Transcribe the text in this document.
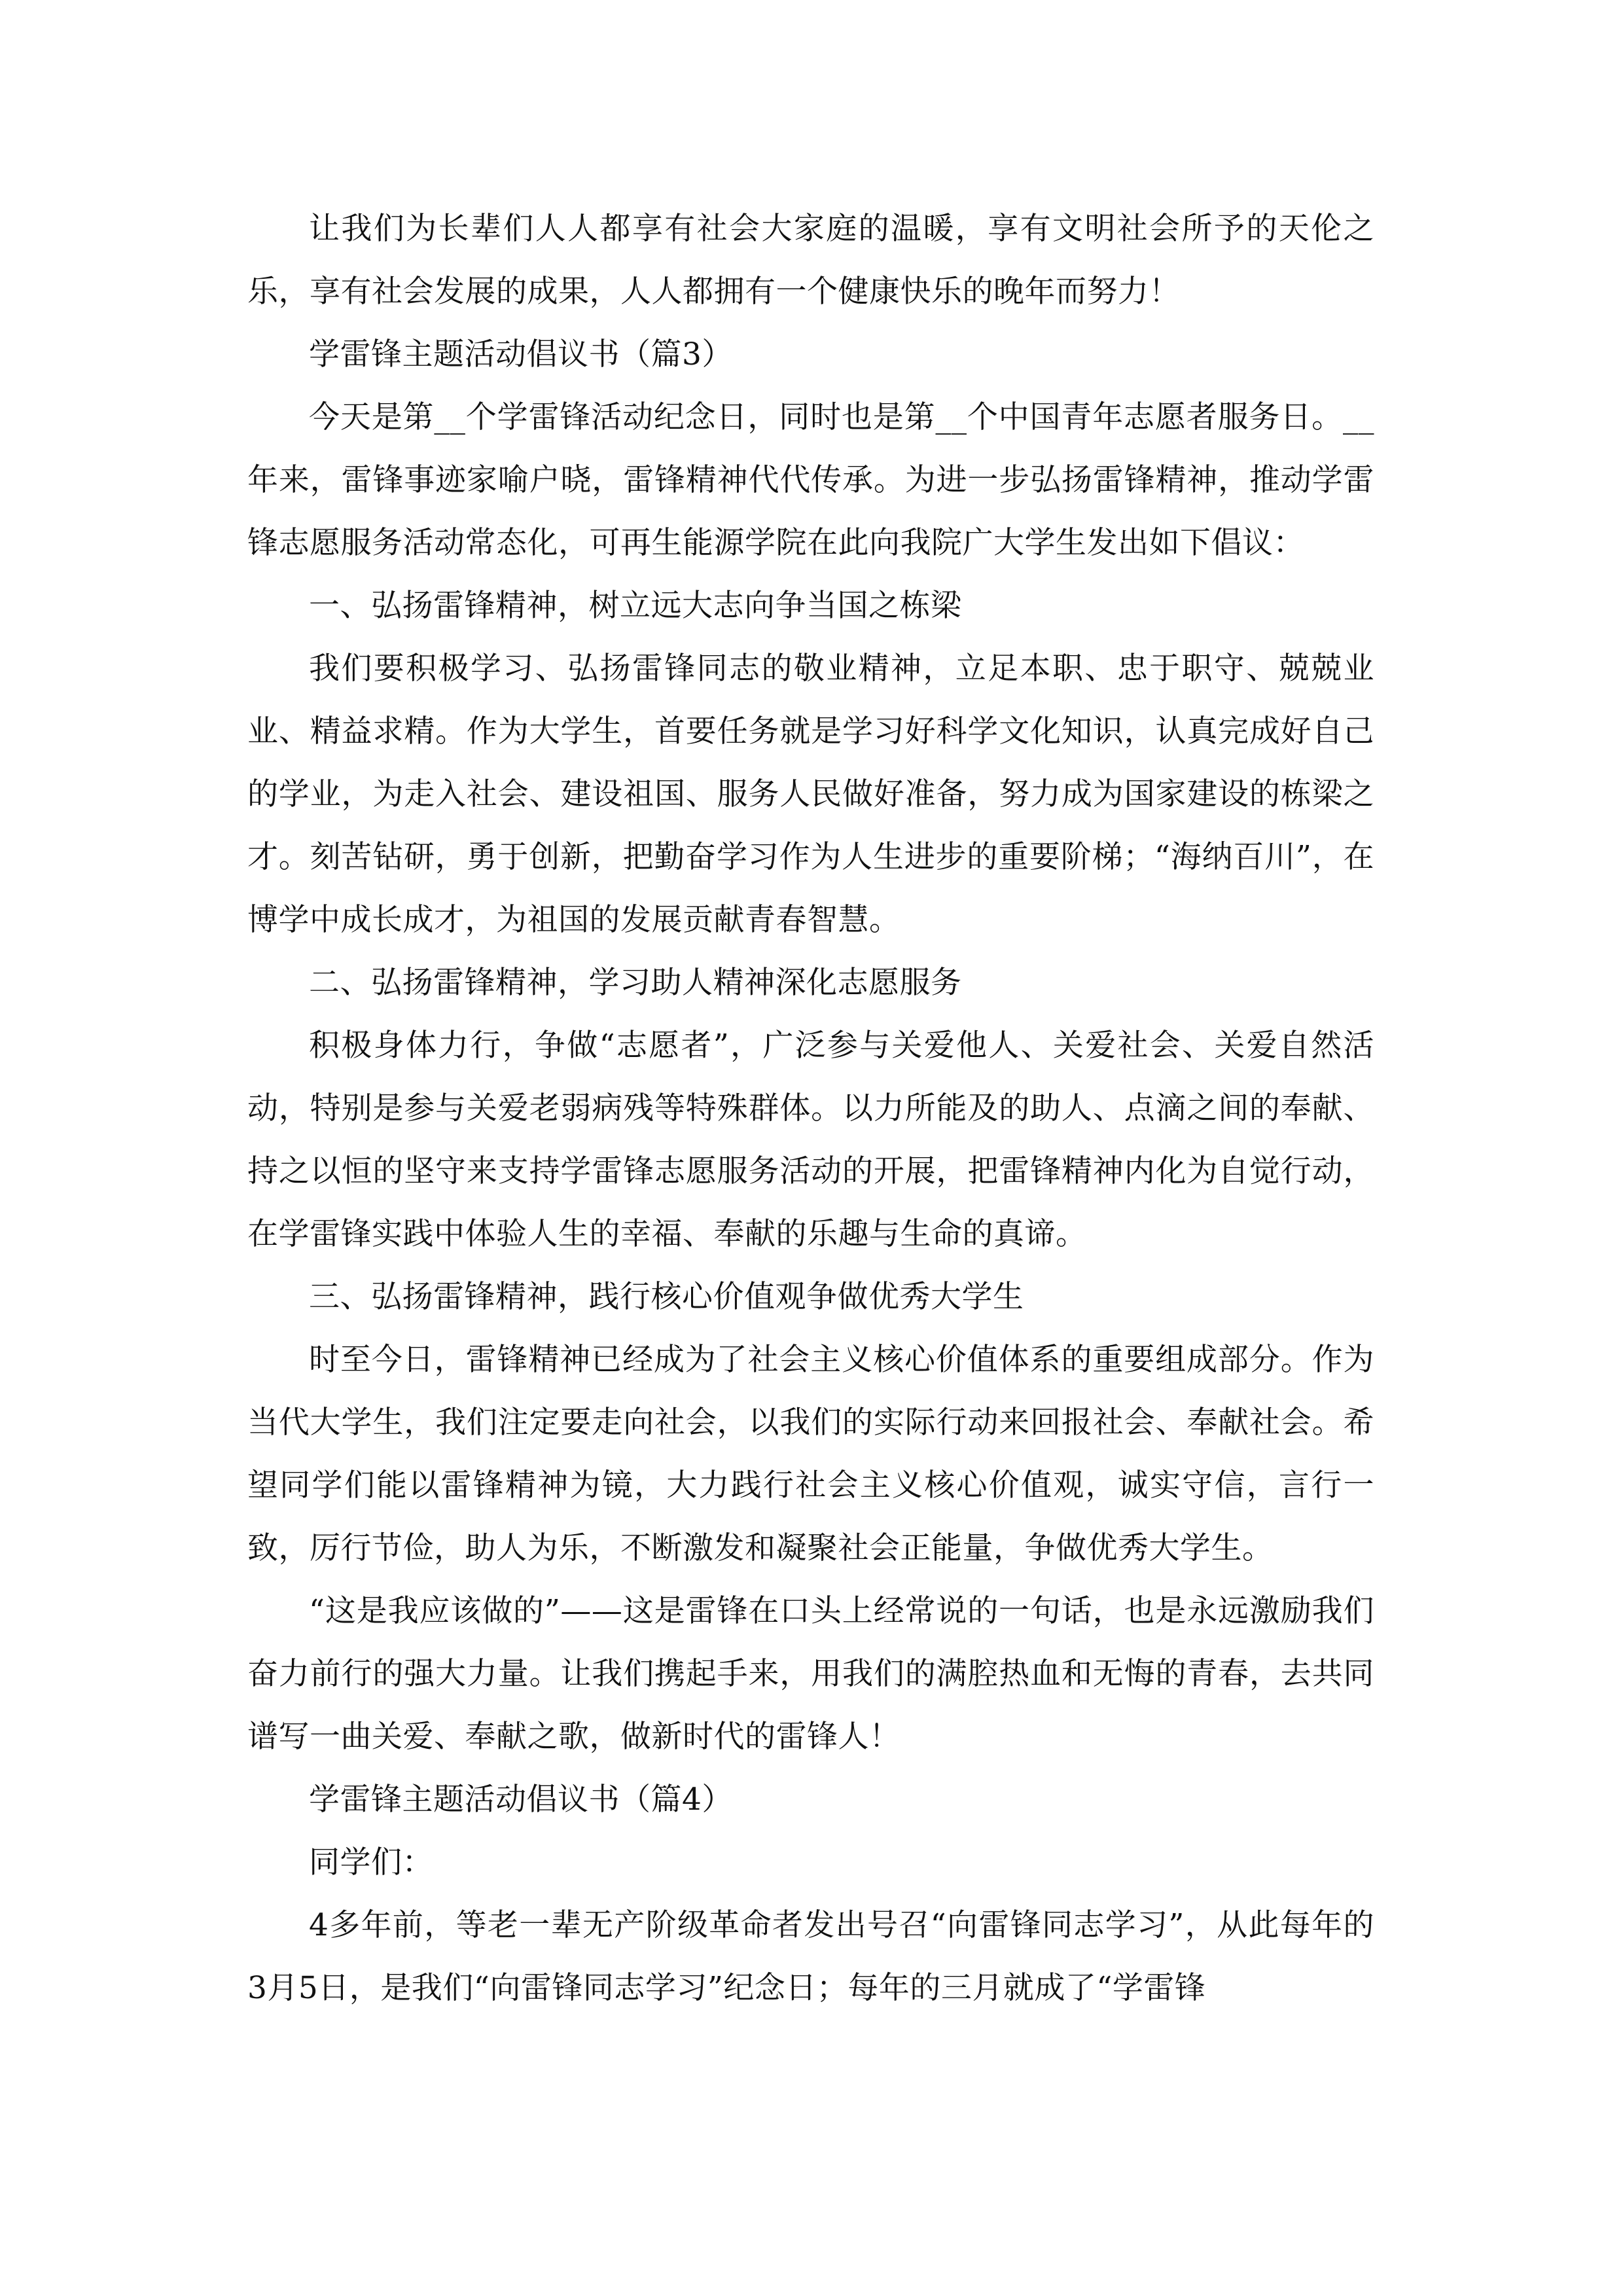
让我们为长辈们人人都享有社会大家庭的温暖，享有文明社会所予的天伦之乐，享有社会发展的成果，人人都拥有一个健康快乐的晚年而努力！

学雷锋主题活动倡议书（篇3）

今天是第__个学雷锋活动纪念日，同时也是第__个中国青年志愿者服务日。__年来，雷锋事迹家喻户晓，雷锋精神代代传承。为进一步弘扬雷锋精神，推动学雷锋志愿服务活动常态化，可再生能源学院在此向我院广大学生发出如下倡议：

一、弘扬雷锋精神，树立远大志向争当国之栋梁

我们要积极学习、弘扬雷锋同志的敬业精神，立足本职、忠于职守、兢兢业业、精益求精。作为大学生，首要任务就是学习好科学文化知识，认真完成好自己的学业，为走入社会、建设祖国、服务人民做好准备，努力成为国家建设的栋梁之才。刻苦钻研，勇于创新，把勤奋学习作为人生进步的重要阶梯；“海纳百川”，在博学中成长成才，为祖国的发展贡献青春智慧。

二、弘扬雷锋精神，学习助人精神深化志愿服务

积极身体力行，争做“志愿者”，广泛参与关爱他人、关爱社会、关爱自然活动，特别是参与关爱老弱病残等特殊群体。以力所能及的助人、点滴之间的奉献、持之以恒的坚守来支持学雷锋志愿服务活动的开展，把雷锋精神内化为自觉行动，在学雷锋实践中体验人生的幸福、奉献的乐趣与生命的真谛。

三、弘扬雷锋精神，践行核心价值观争做优秀大学生

时至今日，雷锋精神已经成为了社会主义核心价值体系的重要组成部分。作为当代大学生，我们注定要走向社会，以我们的实际行动来回报社会、奉献社会。希望同学们能以雷锋精神为镜，大力践行社会主义核心价值观，诚实守信，言行一致，厉行节俭，助人为乐，不断激发和凝聚社会正能量，争做优秀大学生。

“这是我应该做的”——这是雷锋在口头上经常说的一句话，也是永远激励我们奋力前行的强大力量。让我们携起手来，用我们的满腔热血和无悔的青春，去共同谱写一曲关爱、奉献之歌，做新时代的雷锋人！

学雷锋主题活动倡议书（篇4）

同学们：

4多年前，等老一辈无产阶级革命者发出号召“向雷锋同志学习”，从此每年的3月5日，是我们“向雷锋同志学习”纪念日；每年的三月就成了“学雷锋
